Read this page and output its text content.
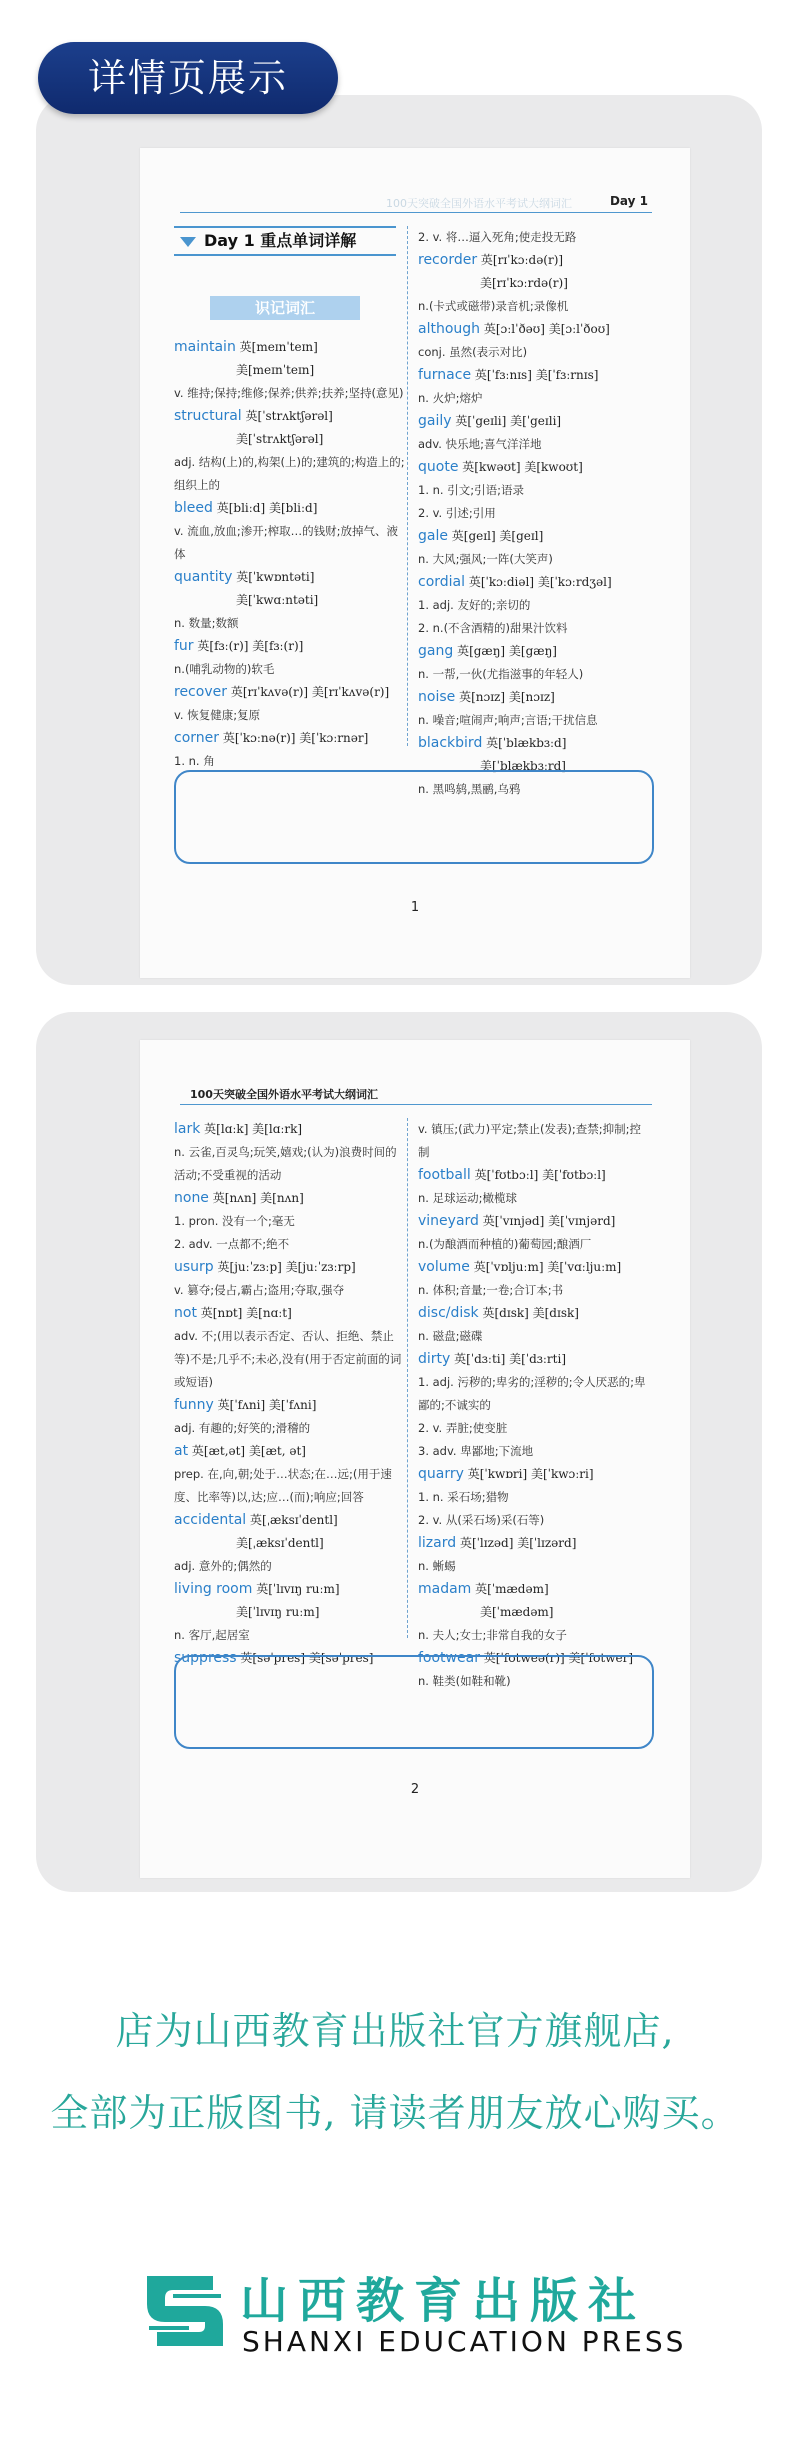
详情页展示
100天突破全国外语水平考试大纲词汇	Day 1
Day 1 重点单词详解
识记词汇
maintain 英[meɪnˈteɪn]
美[meɪnˈteɪn]
v. 维持;保持;维修;保养;供养;扶养;坚持(意见)
structural 英[ˈstrʌktʃərəl]
美[ˈstrʌktʃərəl]
adj. 结构(上)的,构架(上)的;建筑的;构造上的;组织上的
bleed 英[bliːd] 美[bliːd]
v. 流血,放血;渗开;榨取…的钱财;放掉气、液体
quantity 英[ˈkwɒntəti]
美[ˈkwɑːntəti]
n. 数量;数额
fur 英[fɜː(r)] 美[fɜː(r)]
n.(哺乳动物的)软毛
recover 英[rɪˈkʌvə(r)] 美[rɪˈkʌvə(r)]
v. 恢复健康;复原
corner 英[ˈkɔːnə(r)] 美[ˈkɔːrnər]
1. n. 角
2. v. 将…逼入死角;使走投无路
recorder 英[rɪˈkɔːdə(r)]
美[rɪˈkɔːrdə(r)]
n.(卡式或磁带)录音机;录像机
although 英[ɔːlˈðəʊ] 美[ɔːlˈðoʊ]
conj. 虽然(表示对比)
furnace 英[ˈfɜːnɪs] 美[ˈfɜːrnɪs]
n. 火炉;熔炉
gaily 英[ˈgeɪli] 美[ˈgeɪli]
adv. 快乐地;喜气洋洋地
quote 英[kwəʊt] 美[kwoʊt]
1. n. 引文;引语;语录
2. v. 引述;引用
gale 英[geɪl] 美[geɪl]
n. 大风;强风;一阵(大笑声)
cordial 英[ˈkɔːdiəl] 美[ˈkɔːrdʒəl]
1. adj. 友好的;亲切的
2. n.(不含酒精的)甜果汁饮料
gang 英[gæŋ] 美[gæŋ]
n. 一帮,一伙(尤指滋事的年轻人)
noise 英[nɔɪz] 美[nɔɪz]
n. 噪音;喧闹声;响声;言语;干扰信息
blackbird 英[ˈblækbɜːd]
美[ˈblækbɜːrd]
n. 黑鸣鸫,黑鹂,乌鸦
1
100天突破全国外语水平考试大纲词汇
lark 英[lɑːk] 美[lɑːrk]
n. 云雀,百灵鸟;玩笑,嬉戏;(认为)浪费时间的活动;不受重视的活动
none 英[nʌn] 美[nʌn]
1. pron. 没有一个;毫无
2. adv. 一点都不;绝不
usurp 英[juːˈzɜːp] 美[juːˈzɜːrp]
v. 篡夺;侵占,霸占;盗用;夺取,强夺
not 英[nɒt] 美[nɑːt]
adv. 不;(用以表示否定、否认、拒绝、禁止等)不是;几乎不;未必,没有(用于否定前面的词或短语)
funny 英[ˈfʌni] 美[ˈfʌni]
adj. 有趣的;好笑的;滑稽的
at 英[æt,ət] 美[æt, ət]
prep. 在,向,朝;处于…状态;在…远;(用于速度、比率等)以,达;应…(而);响应;回答
accidental 英[ˌæksɪˈdentl]
美[ˌæksɪˈdentl]
adj. 意外的;偶然的
living room 英[ˈlɪvɪŋ ruːm]
美[ˈlɪvɪŋ ruːm]
n. 客厅,起居室
suppress 英[səˈpres] 美[səˈpres]
v. 镇压;(武力)平定;禁止(发表);查禁;抑制;控制
football 英[ˈfʊtbɔːl] 美[ˈfʊtbɔːl]
n. 足球运动;橄榄球
vineyard 英[ˈvɪnjəd] 美[ˈvɪnjərd]
n.(为酿酒而种植的)葡萄园;酿酒厂
volume 英[ˈvɒljuːm] 美[ˈvɑːljuːm]
n. 体积;音量;一卷;合订本;书
disc/disk 英[dɪsk] 美[dɪsk]
n. 磁盘;磁碟
dirty 英[ˈdɜːti] 美[ˈdɜːrti]
1. adj. 污秽的;卑劣的;淫秽的;令人厌恶的;卑鄙的;不诚实的
2. v. 弄脏;使变脏
3. adv. 卑鄙地;下流地
quarry 英[ˈkwɒri] 美[ˈkwɔːri]
1. n. 采石场;猎物
2. v. 从(采石场)采(石等)
lizard 英[ˈlɪzəd] 美[ˈlɪzərd]
n. 蜥蜴
madam 英[ˈmædəm]
美[ˈmædəm]
n. 夫人;女士;非常自我的女子
footwear 英[ˈfʊtweə(r)] 美[ˈfʊtwer]
n. 鞋类(如鞋和靴)
2
店为山西教育出版社官方旗舰店,
全部为正版图书, 请读者朋友放心购买。
山西教育出版社
SHANXI EDUCATION PRESS
